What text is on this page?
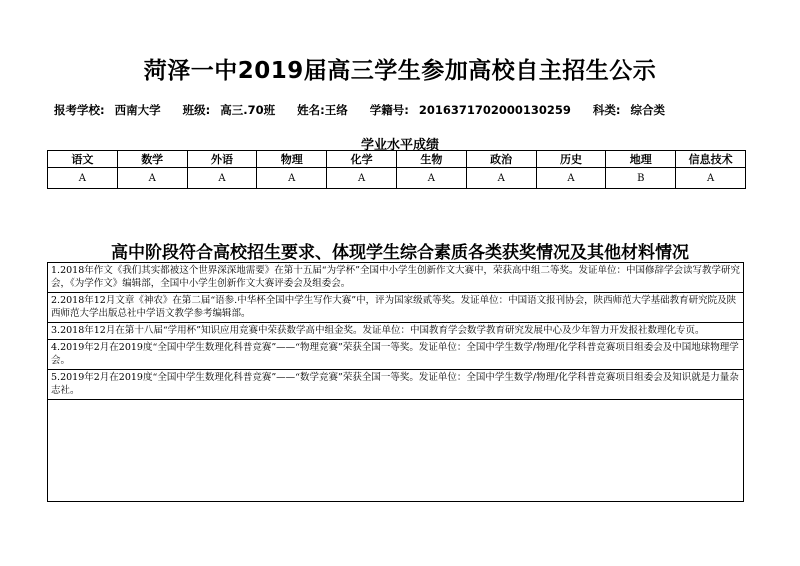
菏泽一中2019届高三学生参加高校自主招生公示
报考学校: 西南大学 班级: 高三.70班 姓名:王络 学籍号: 2016371702000130259 科类: 综合类
学业水平成绩
语文	数学	外语	物理	化学	生物	政治	历史	地理	信息技术
A	A	A	A	A	A	A	A	B	A
高中阶段符合高校招生要求、体现学生综合素质各类获奖情况及其他材料情况
1.2018年作文《我们其实都被这个世界深深地需要》在第十五届“为学杯”全国中小学生创新作文大赛中，荣获高中组二等奖。发证单位：中国修辞学会读写教学研究会，《为学作文》编辑部，全国中小学生创新作文大赛评委会及组委会。
2.2018年12月文章《神农》在第二届“语参.中华杯全国中学生写作大赛”中，评为国家级贰等奖。发证单位：中国语文报刊协会，陕西师范大学基础教育研究院及陕西师范大学出版总社中学语文教学参考编辑部。
3.2018年12月在第十八届“学用杯”知识应用竞赛中荣获数学高中组金奖。发证单位：中国教育学会数学教育研究发展中心及少年智力开发报社数理化专页。
4.2019年2月在2019度“全国中学生数理化科普竞赛”——“物理竞赛”荣获全国一等奖。发证单位：全国中学生数学/物理/化学科普竞赛项目组委会及中国地球物理学会。
5.2019年2月在2019度“全国中学生数理化科普竞赛”——“数学竞赛”荣获全国一等奖。发证单位：全国中学生数学/物理/化学科普竞赛项目组委会及知识就是力量杂志社。
